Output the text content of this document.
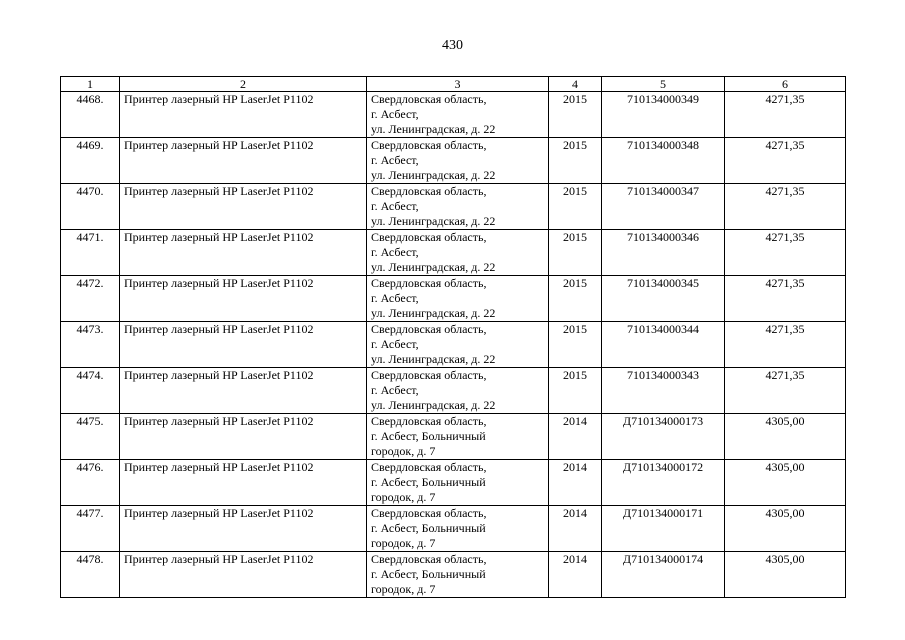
430
1	2	3	4	5	6
4468.	Принтер лазерный HP LaserJet P1102	Свердловская область,
г. Асбест,
ул. Ленинградская, д. 22	2015	710134000349	4271,35
4469.	Принтер лазерный HP LaserJet P1102	Свердловская область,
г. Асбест,
ул. Ленинградская, д. 22	2015	710134000348	4271,35
4470.	Принтер лазерный HP LaserJet P1102	Свердловская область,
г. Асбест,
ул. Ленинградская, д. 22	2015	710134000347	4271,35
4471.	Принтер лазерный HP LaserJet P1102	Свердловская область,
г. Асбест,
ул. Ленинградская, д. 22	2015	710134000346	4271,35
4472.	Принтер лазерный HP LaserJet P1102	Свердловская область,
г. Асбест,
ул. Ленинградская, д. 22	2015	710134000345	4271,35
4473.	Принтер лазерный HP LaserJet P1102	Свердловская область,
г. Асбест,
ул. Ленинградская, д. 22	2015	710134000344	4271,35
4474.	Принтер лазерный HP LaserJet P1102	Свердловская область,
г. Асбест,
ул. Ленинградская, д. 22	2015	710134000343	4271,35
4475.	Принтер лазерный HP LaserJet P1102	Свердловская область,
г. Асбест, Больничный
городок, д. 7	2014	Д710134000173	4305,00
4476.	Принтер лазерный HP LaserJet P1102	Свердловская область,
г. Асбест, Больничный
городок, д. 7	2014	Д710134000172	4305,00
4477.	Принтер лазерный HP LaserJet P1102	Свердловская область,
г. Асбест, Больничный
городок, д. 7	2014	Д710134000171	4305,00
4478.	Принтер лазерный HP LaserJet P1102	Свердловская область,
г. Асбест, Больничный
городок, д. 7	2014	Д710134000174	4305,00
